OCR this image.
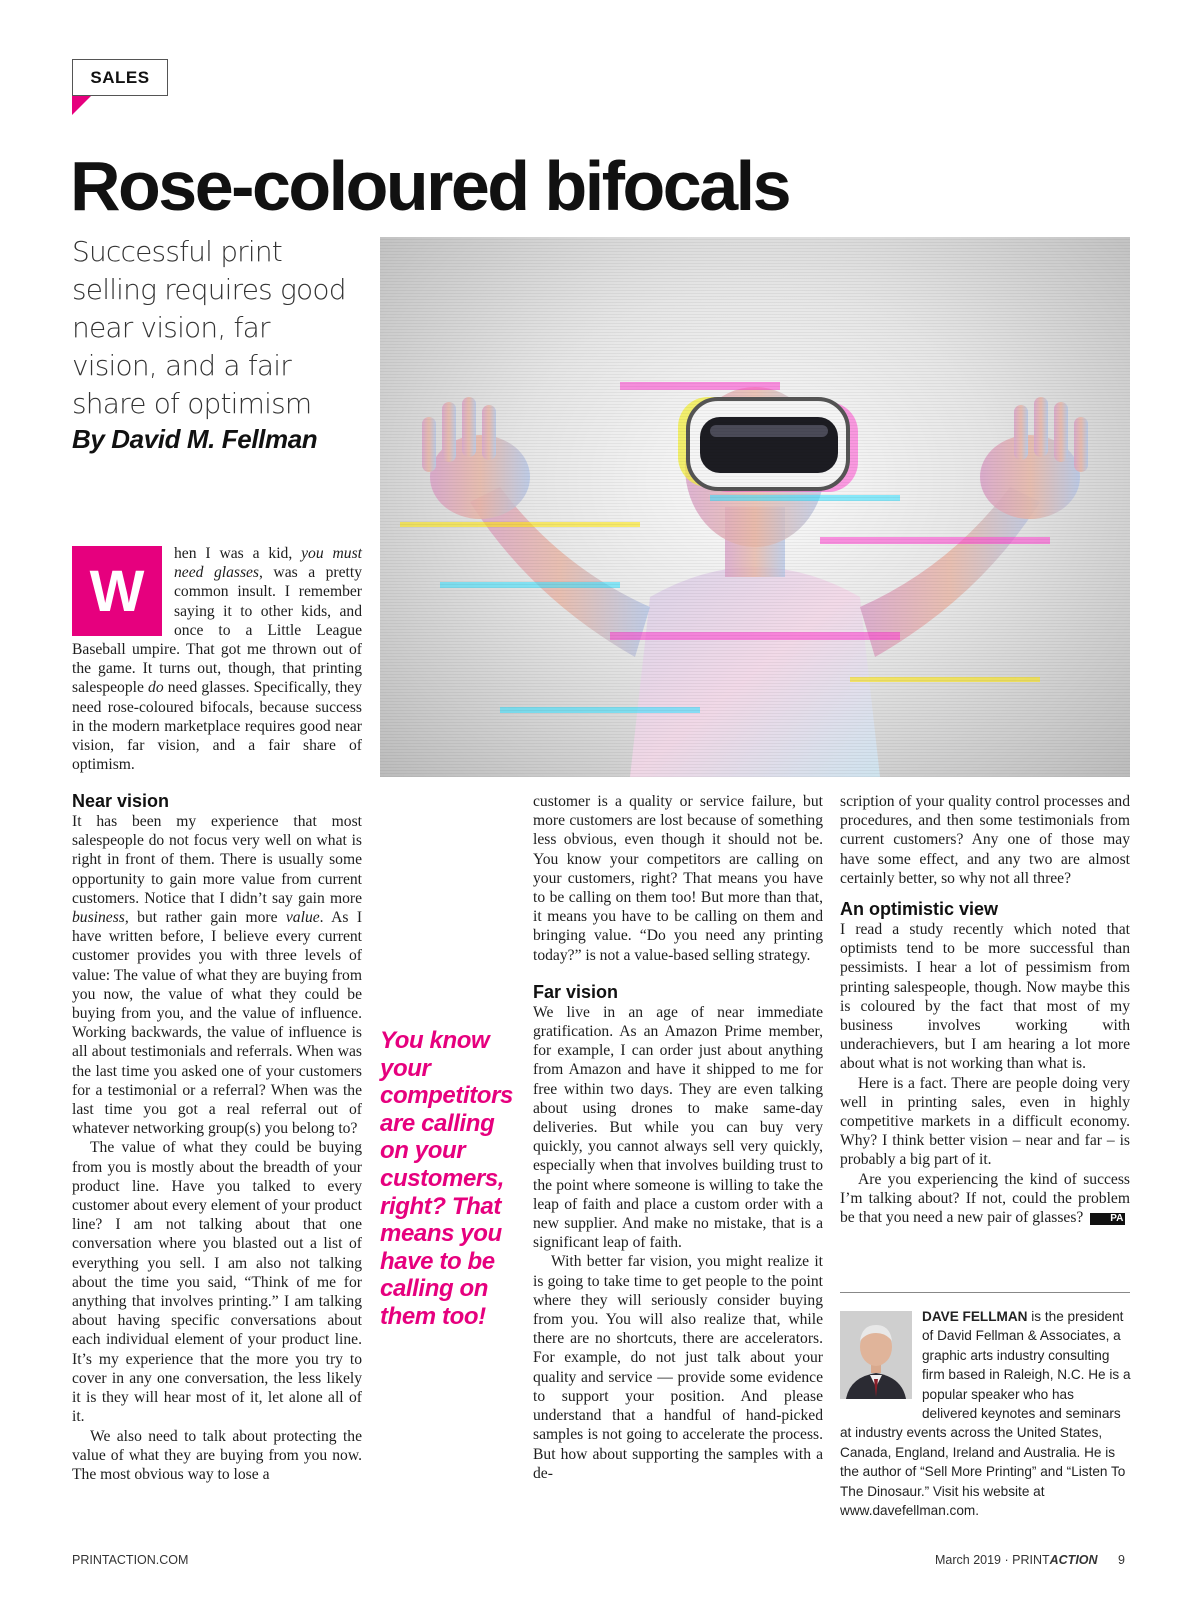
SALES
Rose-coloured bifocals
Successful print selling requires good near vision, far vision, and a fair share of optimism
By David M. Fellman
W

hen I was a kid, you must need glasses, was a pretty common insult. I remember saying it to other kids, and once to a Little League Baseball umpire. That got me thrown out of the game. It turns out, though, that printing salespeople do need glasses. Specifically, they need rose-coloured bifocals, because success in the modern marketplace requires good near vision, far vision, and a fair share of optimism.

Near vision

It has been my experience that most salespeople do not focus very well on what is right in front of them. There is usually some opportunity to gain more value from current customers. Notice that I didn’t say gain more business, but rather gain more value. As I have written before, I believe every current customer provides you with three levels of value: The value of what they are buying from you now, the value of what they could be buying from you, and the value of influence. Working backwards, the value of influence is all about testimonials and referrals. When was the last time you asked one of your customers for a testimonial or a referral? When was the last time you got a real referral out of whatever networking group(s) you belong to?

The value of what they could be buying from you is mostly about the breadth of your product line. Have you talked to every customer about every element of your product line? I am not talking about that one conversation where you blasted out a list of everything you sell. I am also not talking about the time you said, “Think of me for anything that involves printing.” I am talking about having specific conversations about each individual element of your product line. It’s my experience that the more you try to cover in any one conversation, the less likely it is they will hear most of it, let alone all of it.

We also need to talk about protecting the value of what they are buying from you now. The most obvious way to lose a

You know your competitors are calling on your customers, right? That means you have to be calling on them too!

customer is a quality or service failure, but more customers are lost because of something less obvious, even though it should not be. You know your competitors are calling on your customers, right? That means you have to be calling on them too! But more than that, it means you have to be calling on them and bringing value. “Do you need any printing today?” is not a value-based selling strategy.

Far vision

We live in an age of near immediate gratification. As an Amazon Prime member, for example, I can order just about anything from Amazon and have it shipped to me for free within two days. They are even talking about using drones to make same-day deliveries. But while you can buy very quickly, you cannot always sell very quickly, especially when that involves building trust to the point where someone is willing to take the leap of faith and place a custom order with a new supplier. And make no mistake, that is a significant leap of faith.

With better far vision, you might realize it is going to take time to get people to the point where they will seriously consider buying from you. You will also realize that, while there are no shortcuts, there are accelerators. For example, do not just talk about your quality and service — provide some evidence to support your position. And please understand that a handful of hand-picked samples is not going to accelerate the process. But how about supporting the samples with a de-

scription of your quality control processes and procedures, and then some testimonials from current customers? Any one of those may have some effect, and any two are almost certainly better, so why not all three?

An optimistic view

I read a study recently which noted that optimists tend to be more successful than pessimists. I hear a lot of pessimism from printing salespeople, though. Now maybe this is coloured by the fact that most of my business involves working with underachievers, but I am hearing a lot more about what is not working than what is.

Here is a fact. There are people doing very well in printing sales, even in highly competitive markets in a difficult economy. Why? I think better vision – near and far – is probably a big part of it.

Are you experiencing the kind of success I’m talking about? If not, could the problem be that you need a new pair of glasses? PA

DAVE FELLMAN is the president of David Fellman & Associates, a graphic arts industry consulting firm based in Raleigh, N.C. He is a popular speaker who has delivered keynotes and seminars at industry events across the United States, Canada, England, Ireland and Australia. He is the author of “Sell More Printing” and “Listen To The Dinosaur.” Visit his website at www.davefellman.com.
PRINTACTION.COM	March 2019 · PRINTACTION 9
